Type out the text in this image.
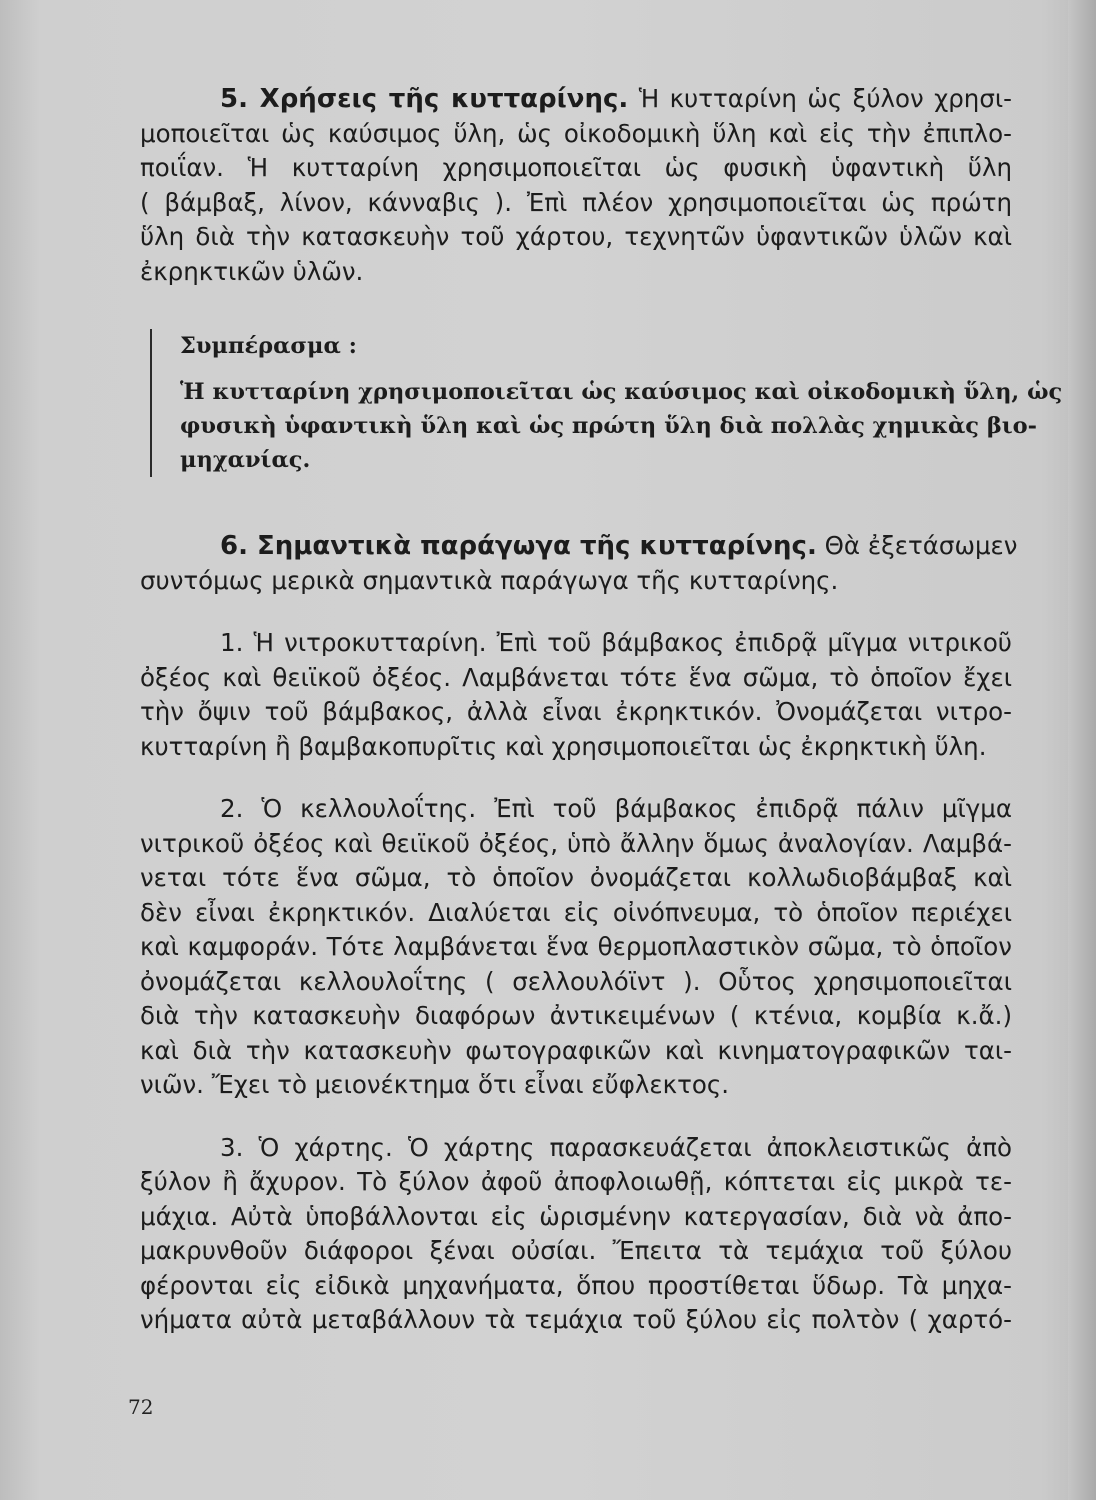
5. Χρήσεις τῆς κυτταρίνης. Ἡ κυτταρίνη ὡς ξύλον χρησι-
μοποιεῖται ὡς καύσιμος ὕλη, ὡς οἰκοδομικὴ ὕλη καὶ εἰς τὴν ἐπιπλο-
ποιΐαν. Ἡ κυτταρίνη χρησιμοποιεῖται ὡς φυσικὴ ὑφαντικὴ ὕλη
( βάμβαξ, λίνον, κάνναβις ). Ἐπὶ πλέον χρησιμοποιεῖται ὡς πρώτη
ὕλη διὰ τὴν κατασκευὴν τοῦ χάρτου, τεχνητῶν ὑφαντικῶν ὑλῶν καὶ
ἐκρηκτικῶν ὑλῶν.

Συμπέρασμα :
Ἡ κυτταρίνη χρησιμοποιεῖται ὡς καύσιμος καὶ οἰκοδομικὴ ὕλη, ὡς
φυσικὴ ὑφαντικὴ ὕλη καὶ ὡς πρώτη ὕλη διὰ πολλὰς χημικὰς βιο-
μηχανίας.

6. Σημαντικὰ παράγωγα τῆς κυτταρίνης. Θὰ ἐξετάσωμεν
συντόμως μερικὰ σημαντικὰ παράγωγα τῆς κυτταρίνης.

1. Ἡ νιτροκυτταρίνη. Ἐπὶ τοῦ βάμβακος ἐπιδρᾷ μῖγμα νιτρικοῦ
ὀξέος καὶ θειϊκοῦ ὀξέος. Λαμβάνεται τότε ἕνα σῶμα, τὸ ὁποῖον ἔχει
τὴν ὄψιν τοῦ βάμβακος, ἀλλὰ εἶναι ἐκρηκτικόν. Ὀνομάζεται νιτρο-
κυτταρίνη ἢ βαμβακοπυρῖτις καὶ χρησιμοποιεῖται ὡς ἐκρηκτικὴ ὕλη.

2. Ὁ κελλουλοΐτης. Ἐπὶ τοῦ βάμβακος ἐπιδρᾷ πάλιν μῖγμα
νιτρικοῦ ὀξέος καὶ θειϊκοῦ ὀξέος, ὑπὸ ἄλλην ὅμως ἀναλογίαν. Λαμβά-
νεται τότε ἕνα σῶμα, τὸ ὁποῖον ὀνομάζεται κολλωδιοβάμβαξ καὶ
δὲν εἶναι ἐκρηκτικόν. Διαλύεται εἰς οἰνόπνευμα, τὸ ὁποῖον περιέχει
καὶ καμφοράν. Τότε λαμβάνεται ἕνα θερμοπλαστικὸν σῶμα, τὸ ὁποῖον
ὀνομάζεται κελλουλοΐτης ( σελλουλόϊντ ). Οὗτος χρησιμοποιεῖται
διὰ τὴν κατασκευὴν διαφόρων ἀντικειμένων ( κτένια, κομβία κ.ἄ.)
καὶ διὰ τὴν κατασκευὴν φωτογραφικῶν καὶ κινηματογραφικῶν ται-
νιῶν. Ἔχει τὸ μειονέκτημα ὅτι εἶναι εὔφλεκτος.

3. Ὁ χάρτης. Ὁ χάρτης παρασκευάζεται ἀποκλειστικῶς ἀπὸ
ξύλον ἢ ἄχυρον. Τὸ ξύλον ἀφοῦ ἀποφλοιωθῇ, κόπτεται εἰς μικρὰ τε-
μάχια. Αὐτὰ ὑποβάλλονται εἰς ὡρισμένην κατεργασίαν, διὰ νὰ ἀπο-
μακρυνθοῦν διάφοροι ξέναι οὐσίαι. Ἔπειτα τὰ τεμάχια τοῦ ξύλου
φέρονται εἰς εἰδικὰ μηχανήματα, ὅπου προστίθεται ὕδωρ. Τὰ μηχα-
νήματα αὐτὰ μεταβάλλουν τὰ τεμάχια τοῦ ξύλου εἰς πολτὸν ( χαρτό-

72
